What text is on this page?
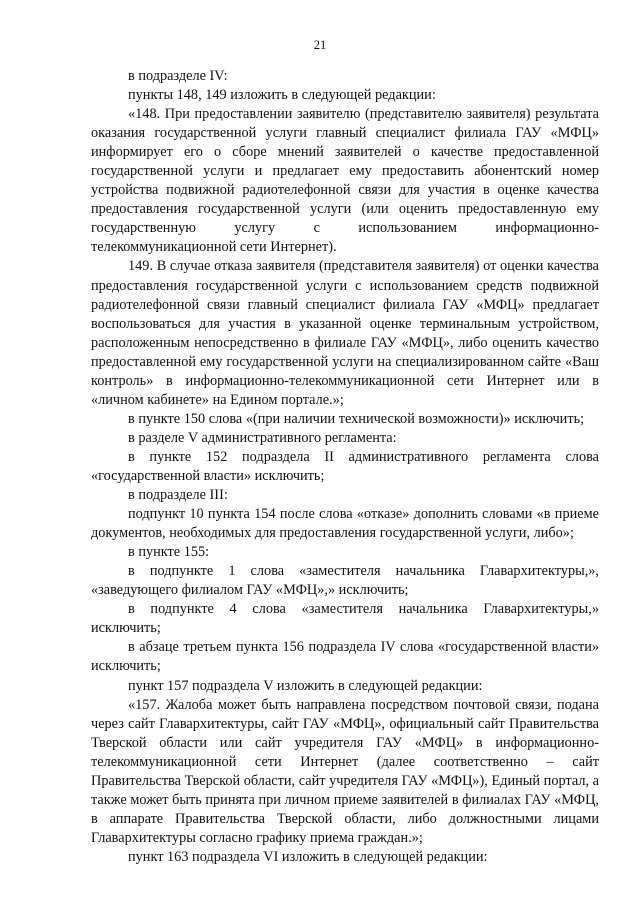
21

в подразделе IV:

пункты 148, 149 изложить в следующей редакции:

«148. При предоставлении заявителю (представителю заявителя) результата оказания государственной услуги главный специалист филиала ГАУ «МФЦ» информирует его о сборе мнений заявителей о качестве предоставленной государственной услуги и предлагает ему предоставить абонентский номер устройства подвижной радиотелефонной связи для участия в оценке качества предоставления государственной услуги (или оценить предоставленную ему государственную услугу с использованием информационно-телекоммуникационной сети Интернет).

149. В случае отказа заявителя (представителя заявителя) от оценки качества предоставления государственной услуги с использованием средств подвижной радиотелефонной связи главный специалист филиала ГАУ «МФЦ» предлагает воспользоваться для участия в указанной оценке терминальным устройством, расположенным непосредственно в филиале ГАУ «МФЦ», либо оценить качество предоставленной ему государственной услуги на специализированном сайте «Ваш контроль» в информационно-телекоммуникационной сети Интернет или в «личном кабинете» на Едином портале.»;

в пункте 150 слова «(при наличии технической возможности)» исключить;

в разделе V административного регламента:

в пункте 152 подраздела II административного регламента слова «государственной власти» исключить;

в подразделе III:

подпункт 10 пункта 154 после слова «отказе» дополнить словами «в приеме документов, необходимых для предоставления государственной услуги, либо»;

в пункте 155:

в подпункте 1 слова «заместителя начальника Главархитектуры,», «заведующего филиалом ГАУ «МФЦ»,» исключить;

в подпункте 4 слова «заместителя начальника Главархитектуры,» исключить;

в абзаце третьем пункта 156 подраздела IV слова «государственной власти» исключить;

пункт 157 подраздела V изложить в следующей редакции:

«157. Жалоба может быть направлена посредством почтовой связи, подана через сайт Главархитектуры, сайт ГАУ «МФЦ», официальный сайт Правительства Тверской области или сайт учредителя ГАУ «МФЦ» в информационно-телекоммуникационной сети Интернет (далее соответственно – сайт Правительства Тверской области, сайт учредителя ГАУ «МФЦ»), Единый портал, а также может быть принята при личном приеме заявителей в филиалах ГАУ «МФЦ, в аппарате Правительства Тверской области, либо должностными лицами Главархитектуры согласно графику приема граждан.»;

пункт 163 подраздела VI изложить в следующей редакции:
